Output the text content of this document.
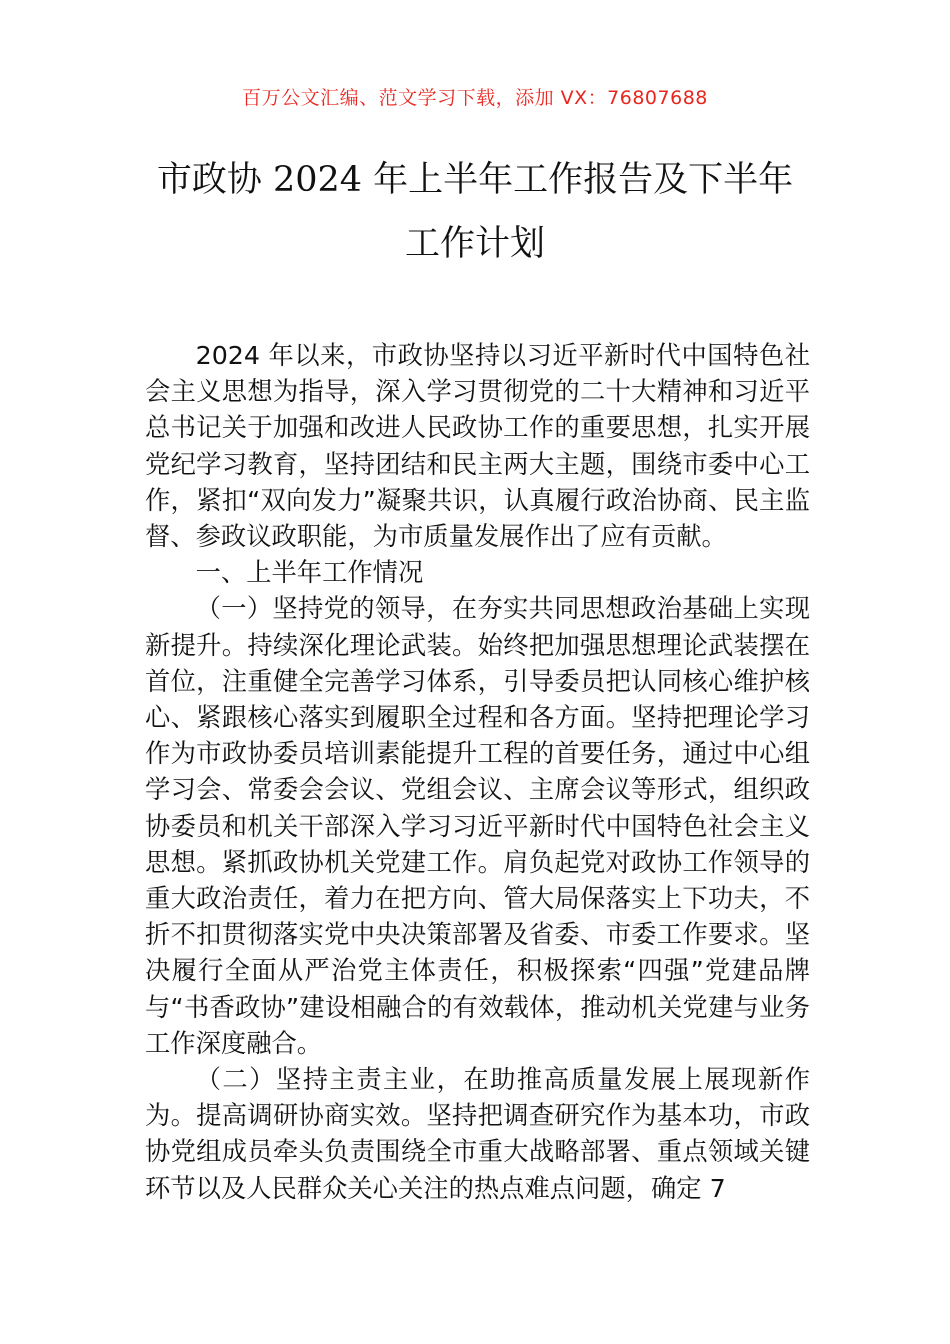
百万公文汇编、范文学习下载，添加 VX：76807688
市政协 2024 年上半年工作报告及下半年工作计划

2024 年以来，市政协坚持以习近平新时代中国特色社会主义思想为指导，深入学习贯彻党的二十大精神和习近平总书记关于加强和改进人民政协工作的重要思想，扎实开展党纪学习教育，坚持团结和民主两大主题，围绕市委中心工作，紧扣“双向发力”凝聚共识，认真履行政治协商、民主监督、参政议政职能，为市质量发展作出了应有贡献。

一、上半年工作情况

（一）坚持党的领导，在夯实共同思想政治基础上实现新提升。持续深化理论武装。始终把加强思想理论武装摆在首位，注重健全完善学习体系，引导委员把认同核心维护核心、紧跟核心落实到履职全过程和各方面。坚持把理论学习作为市政协委员培训素能提升工程的首要任务，通过中心组学习会、常委会会议、党组会议、主席会议等形式，组织政协委员和机关干部深入学习习近平新时代中国特色社会主义思想。紧抓政协机关党建工作。肩负起党对政协工作领导的重大政治责任，着力在把方向、管大局保落实上下功夫，不折不扣贯彻落实党中央决策部署及省委、市委工作要求。坚决履行全面从严治党主体责任，积极探索“四强”党建品牌与“书香政协”建设相融合的有效载体，推动机关党建与业务工作深度融合。

（二）坚持主责主业，在助推高质量发展上展现新作为。提高调研协商实效。坚持把调查研究作为基本功，市政协党组成员牵头负责围绕全市重大战略部署、重点领域关键环节以及人民群众关心关注的热点难点问题，确定 7
